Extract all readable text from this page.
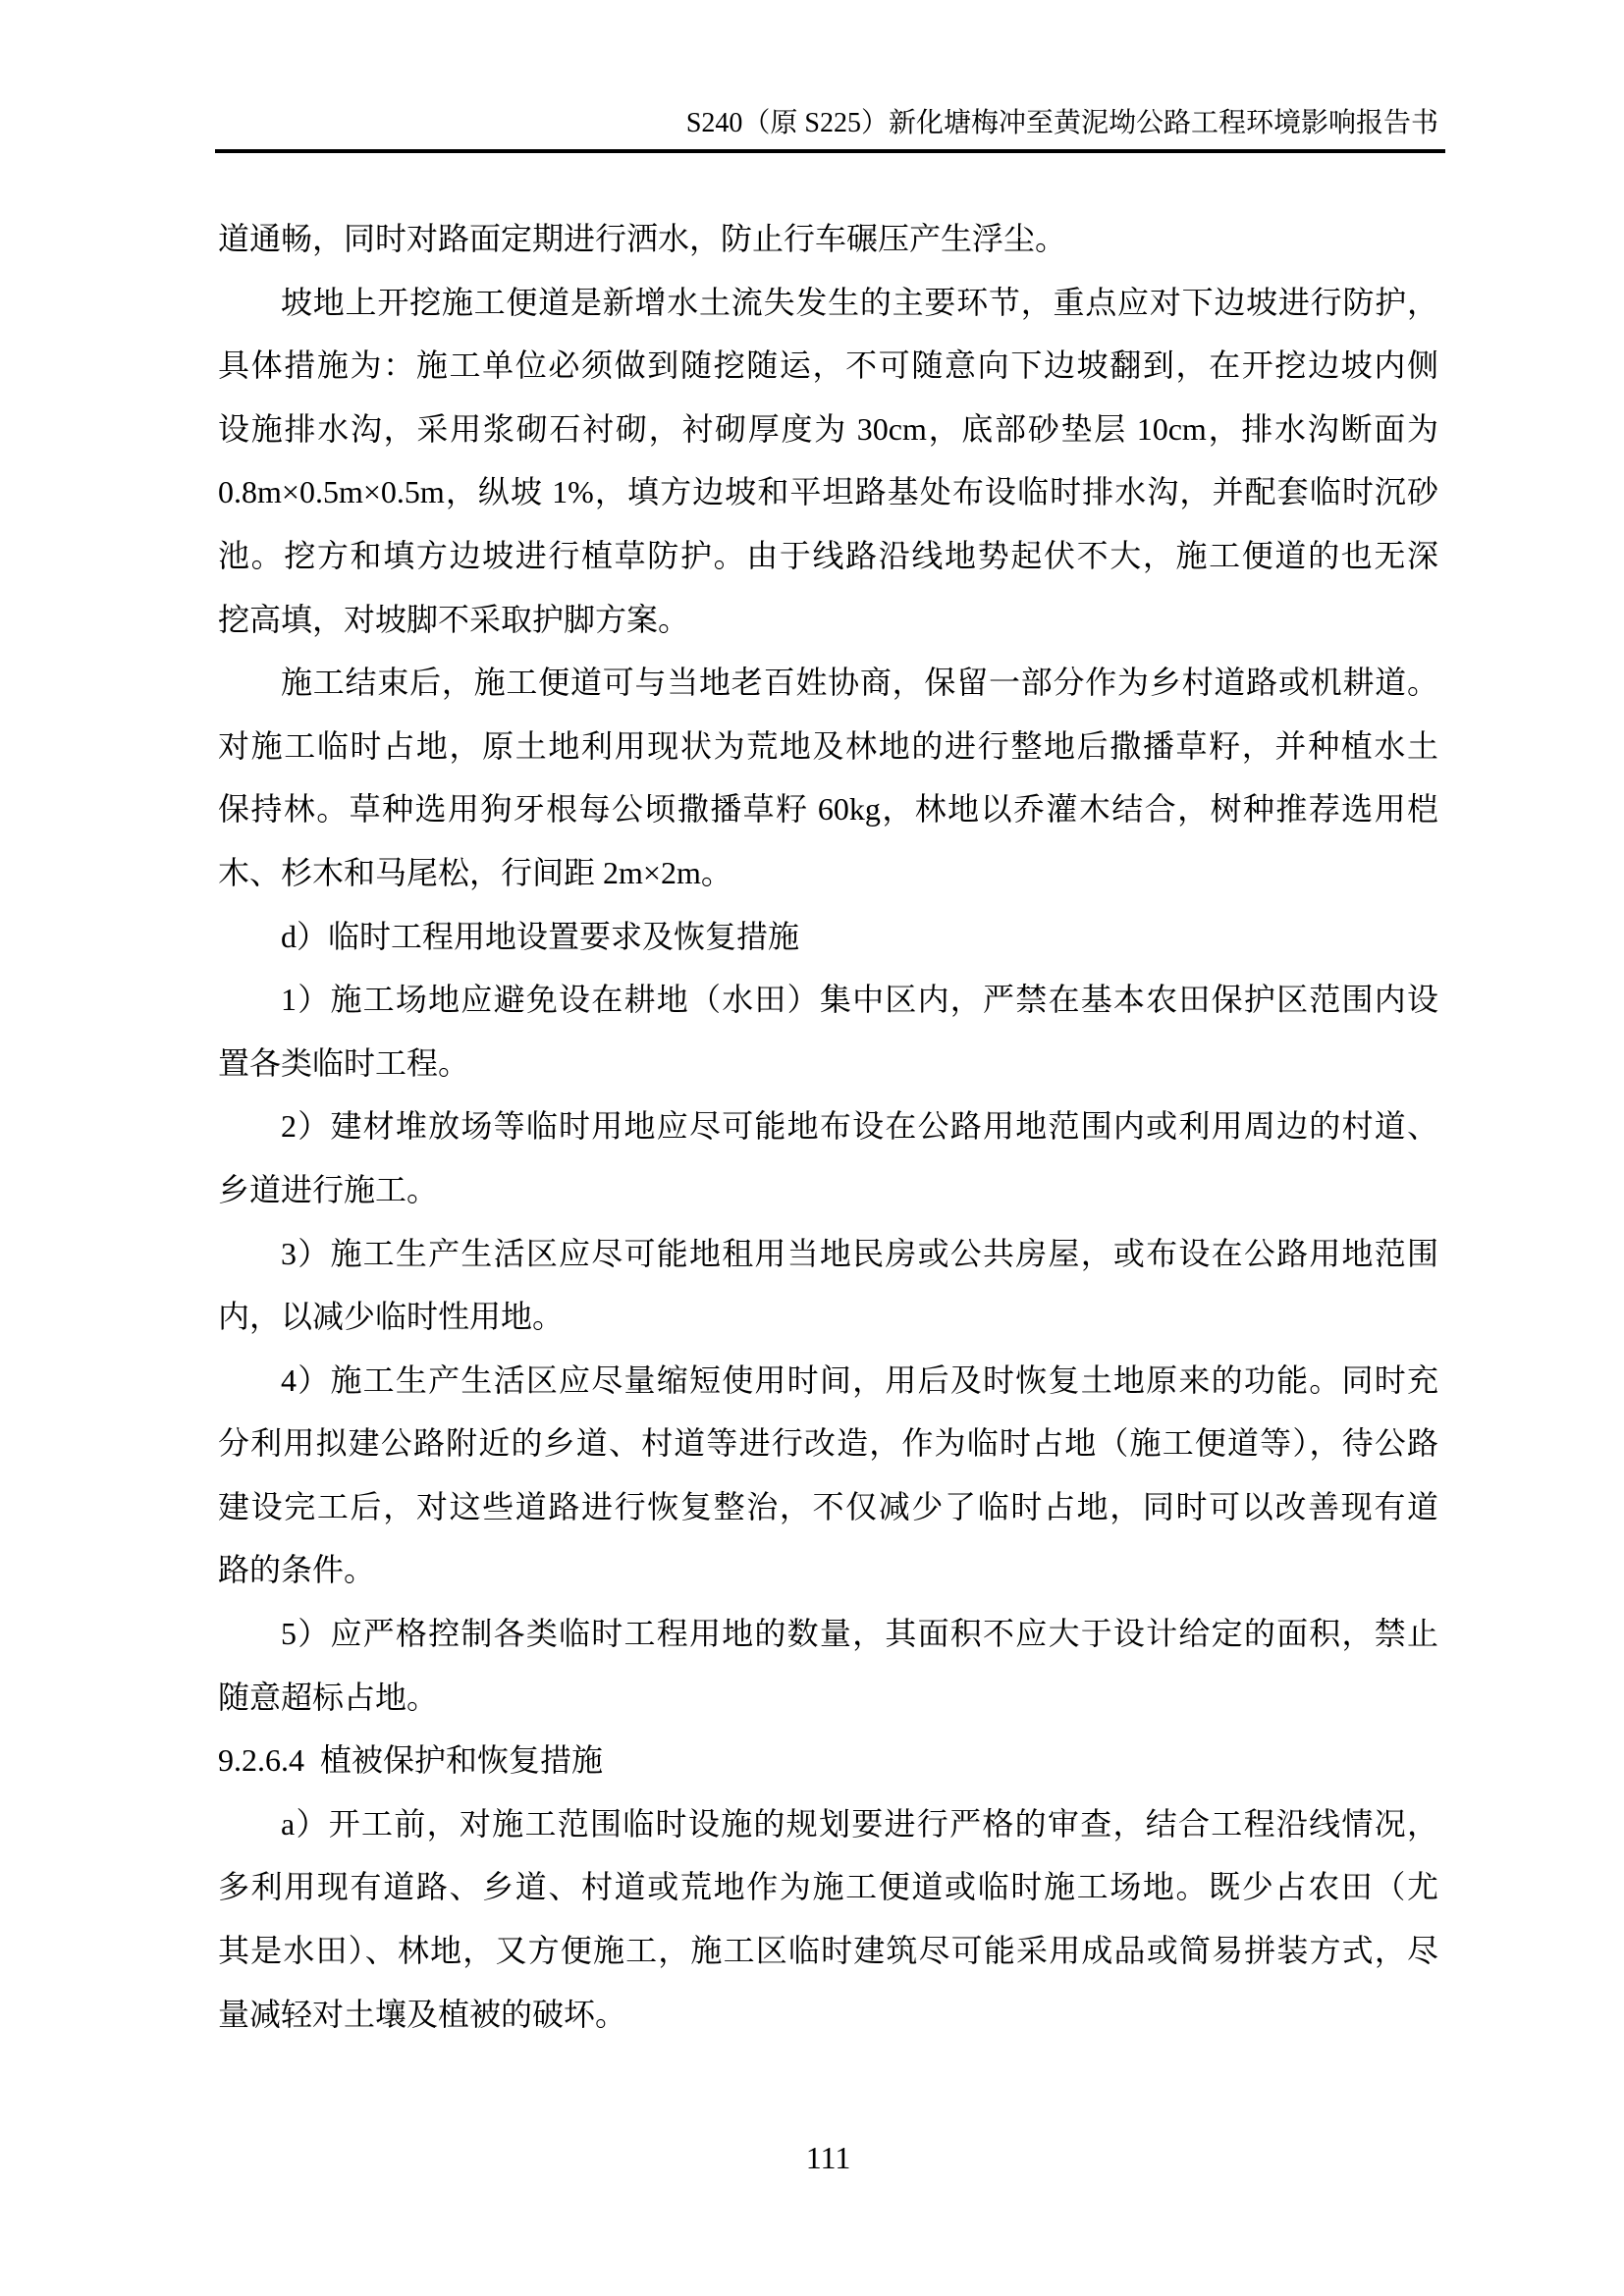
S240（原 S225）新化塘梅冲至黄泥坳公路工程环境影响报告书
道通畅，同时对路面定期进行洒水，防止行车碾压产生浮尘。
坡地上开挖施工便道是新增水土流失发生的主要环节，重点应对下边坡进行防护，
具体措施为：施工单位必须做到随挖随运，不可随意向下边坡翻到，在开挖边坡内侧
设施排水沟，采用浆砌石衬砌，衬砌厚度为 30cm，底部砂垫层 10cm，排水沟断面为
0.8m×0.5m×0.5m，纵坡 1%，填方边坡和平坦路基处布设临时排水沟，并配套临时沉砂
池。挖方和填方边坡进行植草防护。由于线路沿线地势起伏不大，施工便道的也无深
挖高填，对坡脚不采取护脚方案。
施工结束后，施工便道可与当地老百姓协商，保留一部分作为乡村道路或机耕道。
对施工临时占地，原土地利用现状为荒地及林地的进行整地后撒播草籽，并种植水土
保持林。草种选用狗牙根每公顷撒播草籽 60kg，林地以乔灌木结合，树种推荐选用桤
木、杉木和马尾松，行间距 2m×2m。
d）临时工程用地设置要求及恢复措施
1）施工场地应避免设在耕地（水田）集中区内，严禁在基本农田保护区范围内设
置各类临时工程。
2）建材堆放场等临时用地应尽可能地布设在公路用地范围内或利用周边的村道、
乡道进行施工。
3）施工生产生活区应尽可能地租用当地民房或公共房屋，或布设在公路用地范围
内，以减少临时性用地。
4）施工生产生活区应尽量缩短使用时间，用后及时恢复土地原来的功能。同时充
分利用拟建公路附近的乡道、村道等进行改造，作为临时占地（施工便道等），待公路
建设完工后，对这些道路进行恢复整治，不仅减少了临时占地，同时可以改善现有道
路的条件。
5）应严格控制各类临时工程用地的数量，其面积不应大于设计给定的面积，禁止
随意超标占地。
9.2.6.4  植被保护和恢复措施
a）开工前，对施工范围临时设施的规划要进行严格的审查，结合工程沿线情况，
多利用现有道路、乡道、村道或荒地作为施工便道或临时施工场地。既少占农田（尤
其是水田）、林地，又方便施工，施工区临时建筑尽可能采用成品或简易拼装方式，尽
量减轻对土壤及植被的破坏。
111
